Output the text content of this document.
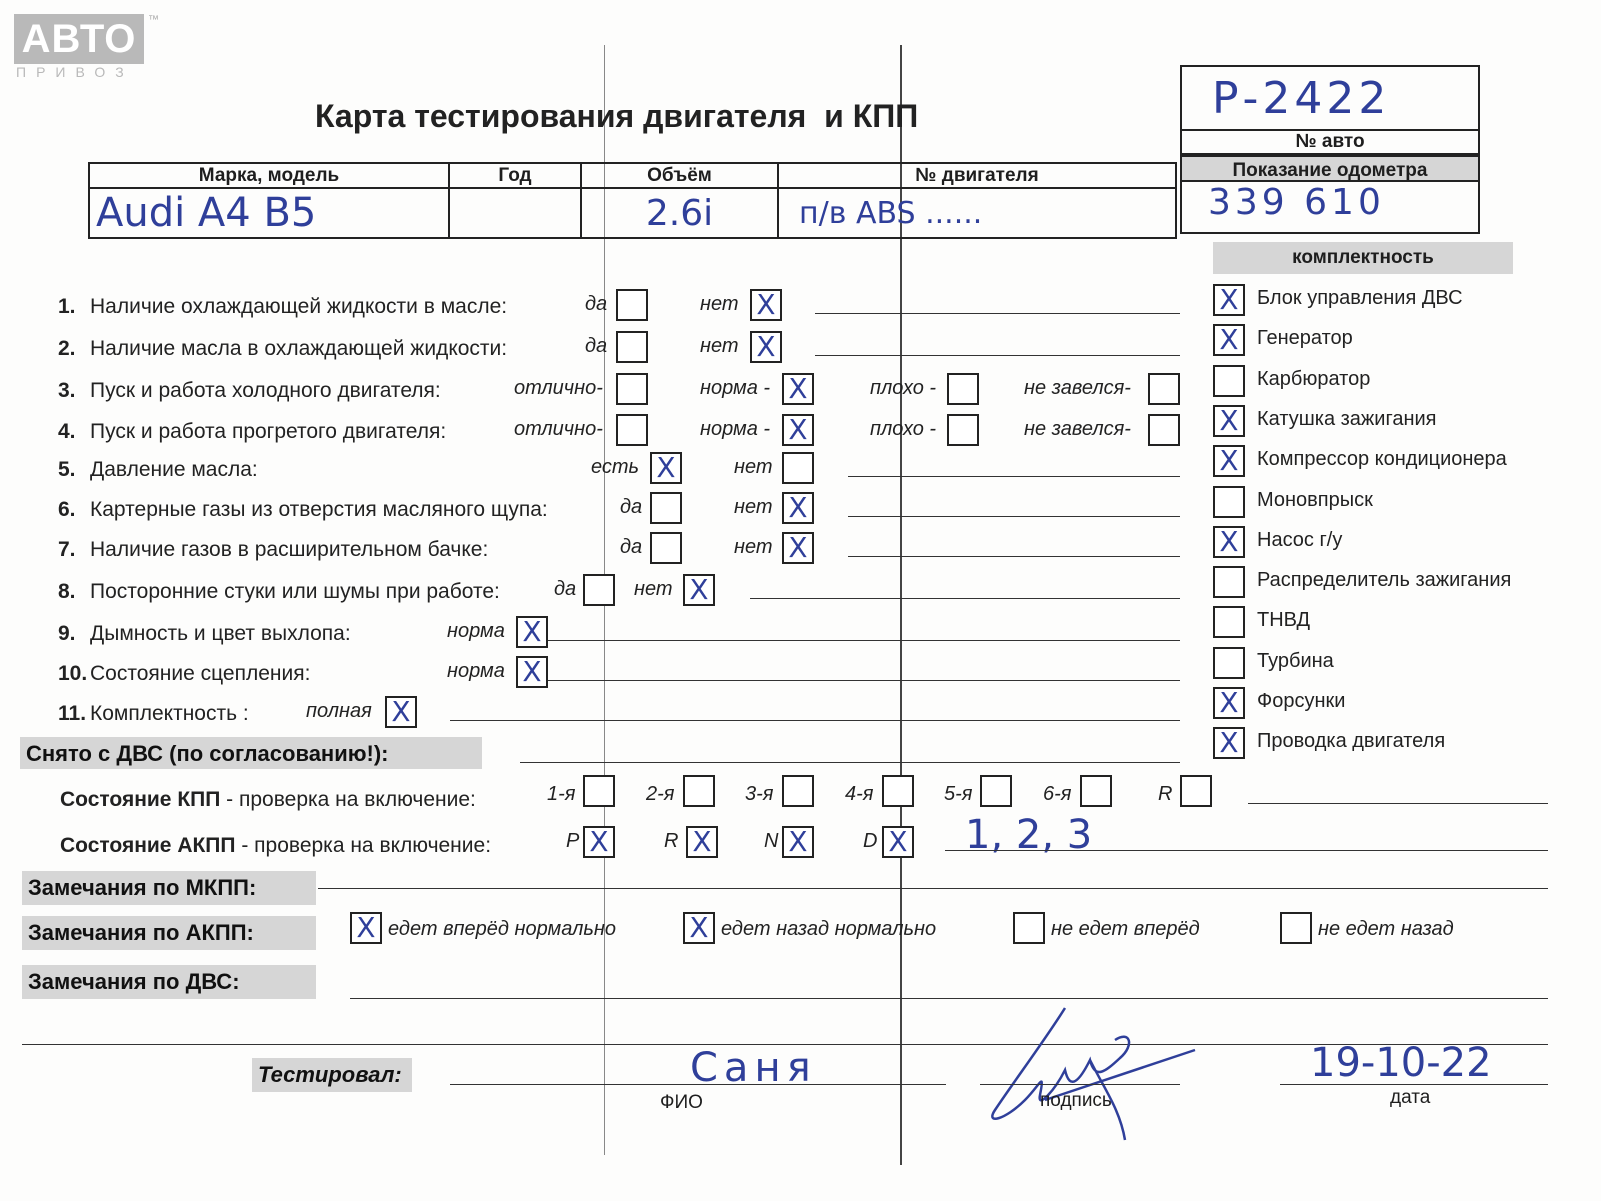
АВТО	™
ПРИВОЗ
Карта тестирования двигателя  и КПП	Р-2422
№ авто
Марка, модель	Год	Объём	№ двигателя
Audi A4 B5		2.6i	п/в ABS ......
Показание одометра
339 610
комплектность
X Блок управления ДВС
X Генератор
Карбюратор
X Катушка зажигания
X Компрессор кондиционера
Моновпрыск
X Насос г/у
Распределитель зажигания
ТНВД
Турбина
X Форсунки
X Проводка двигателя
1. Наличие охлаждающей жидкости в масле:	да	нет X
2. Наличие масла в охлаждающей жидкости:	да	нет X
3. Пуск и работа холодного двигателя:	отлично-	норма - X	плохо -	не завелся-
4. Пуск и работа прогретого двигателя:	отлично-	норма - X	плохо -	не завелся-
5. Давление масла:	есть X	нет
6. Картерные газы из отверстия масляного щупа:	да	нет X
7. Наличие газов в расширительном бачке:	да	нет X
8. Посторонние стуки или шумы при работе:	да	нет X
9. Дымность и цвет выхлопа:	норма X
10. Состояние сцепления:	норма X
11. Комплектность :	полная X
Снято с ДВС (по согласованию!):
Состояние КПП - проверка на включение:	1-я	2-я	3-я	4-я	5-я	6-я	R
Состояние АКПП - проверка на включение:	P X	R X	N X	D X 1, 2, 3
Замечания по МКПП:
Замечания по АКПП:	X едет вперёд нормально	X едет назад нормально	не едет вперёд	не едет назад
Замечания по ДВС:
Тестировал:	Саня
ФИО	подпись
19-10-22
дата
